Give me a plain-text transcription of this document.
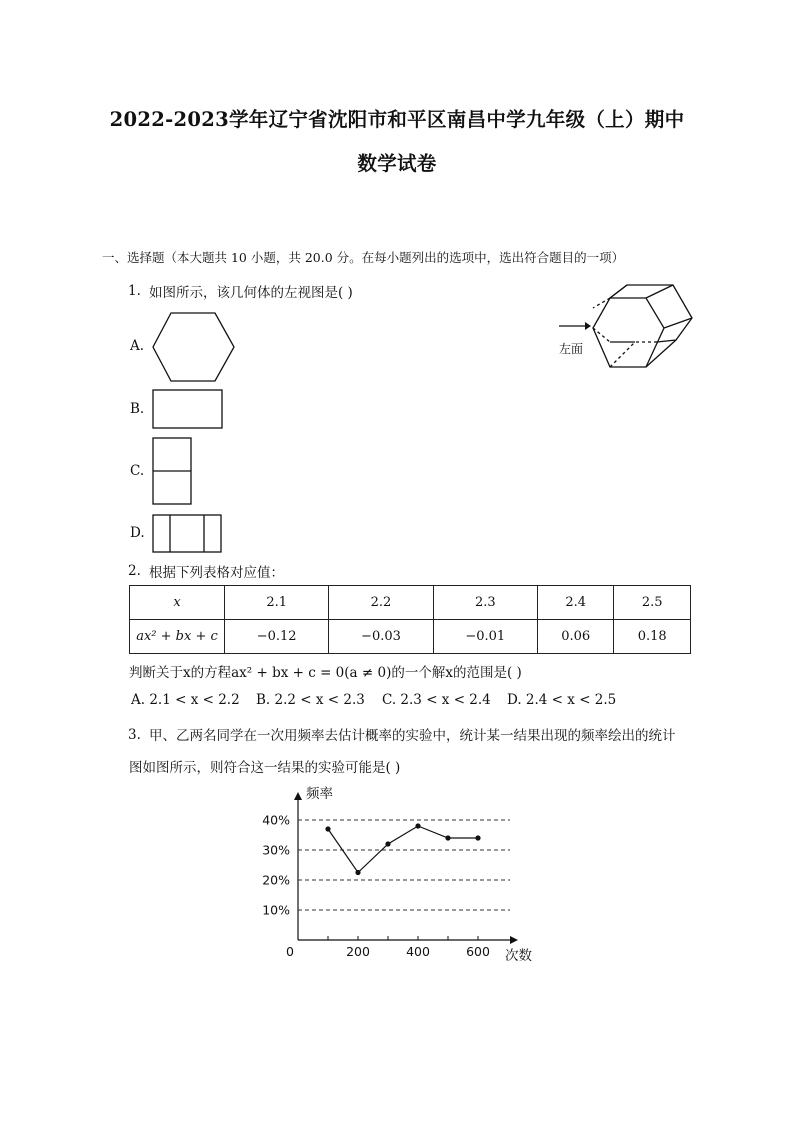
2022-2023学年辽宁省沈阳市和平区南昌中学九年级（上）期中
数学试卷
一、选择题（本大题共 10 小题，共 20.0 分。在每小题列出的选项中，选出符合题目的一项）
1. 如图所示，该几何体的左视图是( )
左面
A.
B.
C.
D.
2. 根据下列表格对应值：
x	2.1	2.2	2.3	2.4	2.5
ax² + bx + c	−0.12	−0.03	−0.01	0.06	0.18
判断关于x的方程ax² + bx + c = 0(a ≠ 0)的一个解x的范围是( )
A. 2.1 < x < 2.2 B. 2.2 < x < 2.3 C. 2.3 < x < 2.4 D. 2.4 < x < 2.5
3. 甲、乙两名同学在一次用频率去估计概率的实验中，统计某一结果出现的频率绘出的统计
图如图所示，则符合这一结果的实验可能是( )
10%
20%
30%
40%
200	400	600
0
频率
次数
